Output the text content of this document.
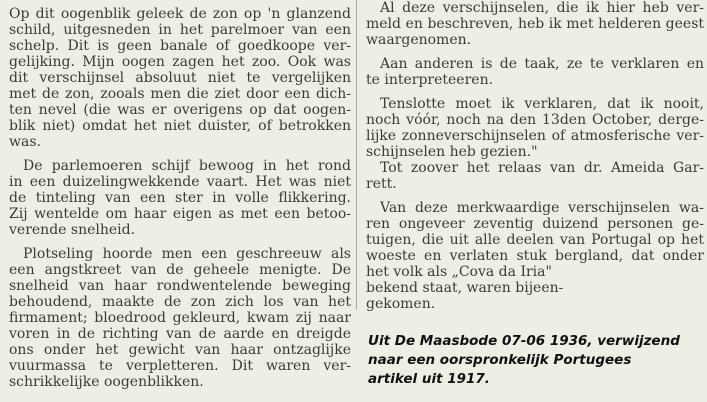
Op dit oogenblik geleek de zon op 'n glanzend
schild, uitgesneden in het parelmoer van een
schelp. Dit is geen banale of goedkoope ver-
gelijking. Mijn oogen zagen het zoo. Ook was
dit verschijnsel absoluut niet te vergelijken
met de zon, zooals men die ziet door een dich-
ten nevel (die was er overigens op dat oogen-
blik niet) omdat het niet duister, of betrokken
was.
De parlemoeren schijf bewoog in het rond
in een duizelingwekkende vaart. Het was niet
de tinteling van een ster in volle flikkering.
Zij wentelde om haar eigen as met een betoo-
verende snelheid.
Plotseling hoorde men een geschreeuw als
een angstkreet van de geheele menigte. De
snelheid van haar rondwentelende beweging
behoudend, maakte de zon zich los van het
firmament; bloedrood gekleurd, kwam zij naar
voren in de richting van de aarde en dreigde
ons onder het gewicht van haar ontzaglijke
vuurmassa te verpletteren. Dit waren ver-
schrikkelijke oogenblikken.
Al deze verschijnselen, die ik hier heb ver-
meld en beschreven, heb ik met helderen geest
waargenomen.
Aan anderen is de taak, ze te verklaren en
te interpreteeren.
Tenslotte moet ik verklaren, dat ik nooit,
noch vóór, noch na den 13den October, derge-
lijke zonneverschijnselen of atmosferische ver-
schijnselen heb gezien."
Tot zoover het relaas van dr. Ameida Gar-
rett.
Van deze merkwaardige verschijnselen wa-
ren ongeveer zeventig duizend personen ge-
tuigen, die uit alle deelen van Portugal op het
woeste en verlaten stuk bergland, dat onder
het volk als „Cova da Iria"
bekend staat, waren bijeen-
gekomen.
Uit De Maasbode 07-06 1936, verwijzend
naar een oorspronkelijk Portugees
artikel uit 1917.
